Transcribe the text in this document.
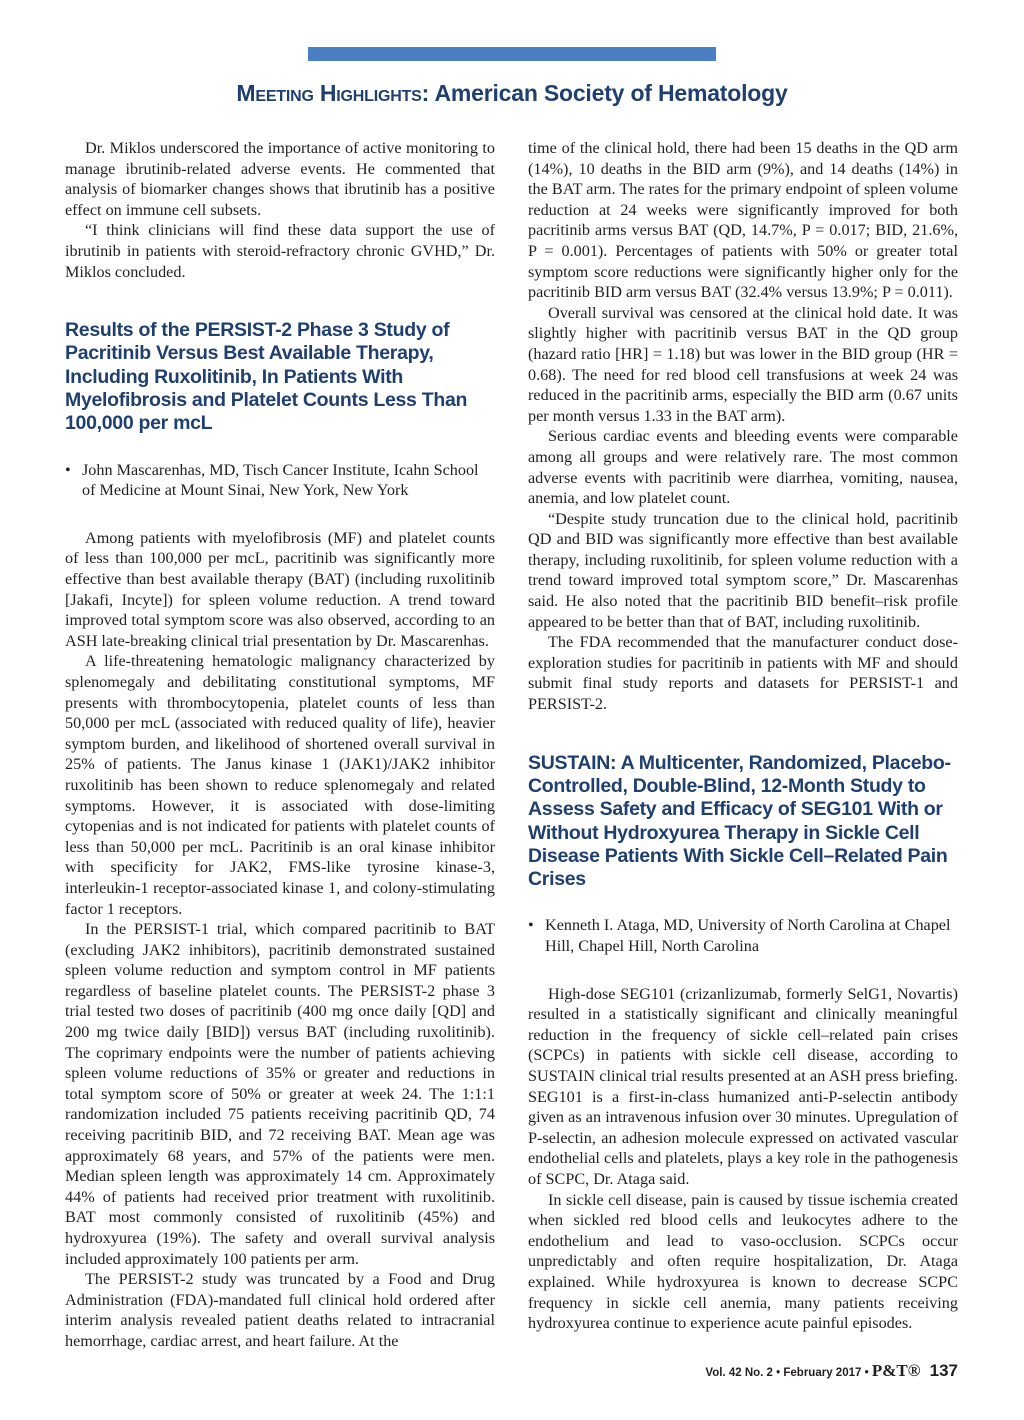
Meeting Highlights: American Society of Hematology

Dr. Miklos underscored the importance of active monitoring to manage ibrutinib-related adverse events. He commented that analysis of biomarker changes shows that ibrutinib has a positive effect on immune cell subsets.

“I think clinicians will find these data support the use of ibrutinib in patients with steroid-refractory chronic GVHD,” Dr. Miklos concluded.

Results of the PERSIST-2 Phase 3 Study of Pacritinib Versus Best Available Therapy, Including Ruxolitinib, In Patients With Myelofibrosis and Platelet Counts Less Than 100,000 per mcL
• John Mascarenhas, MD, Tisch Cancer Institute, Icahn School of Medicine at Mount Sinai, New York, New York

Among patients with myelofibrosis (MF) and platelet counts of less than 100,000 per mcL, pacritinib was significantly more effective than best available therapy (BAT) (including ruxolitinib [Jakafi, Incyte]) for spleen volume reduction. A trend toward improved total symptom score was also observed, according to an ASH late-breaking clinical trial presentation by Dr. Mascarenhas.

A life-threatening hematologic malignancy characterized by splenomegaly and debilitating constitutional symptoms, MF presents with thrombocytopenia, platelet counts of less than 50,000 per mcL (associated with reduced quality of life), heavier symptom burden, and likelihood of shortened overall survival in 25% of patients. The Janus kinase 1 (JAK1)/JAK2 inhibitor ruxolitinib has been shown to reduce splenomegaly and related symptoms. However, it is associated with dose-limiting cytopenias and is not indicated for patients with platelet counts of less than 50,000 per mcL. Pacritinib is an oral kinase inhibitor with specificity for JAK2, FMS-like tyrosine kinase-3, interleukin-1 receptor-associated kinase 1, and colony-stimulating factor 1 receptors.

In the PERSIST-1 trial, which compared pacritinib to BAT (excluding JAK2 inhibitors), pacritinib demonstrated sustained spleen volume reduction and symptom control in MF patients regardless of baseline platelet counts. The PERSIST-2 phase 3 trial tested two doses of pacritinib (400 mg once daily [QD] and 200 mg twice daily [BID]) versus BAT (including ruxolitinib). The coprimary endpoints were the number of patients achieving spleen volume reductions of 35% or greater and reductions in total symptom score of 50% or greater at week 24. The 1:1:1 randomization included 75 patients receiving pacritinib QD, 74 receiving pacritinib BID, and 72 receiving BAT. Mean age was approximately 68 years, and 57% of the patients were men. Median spleen length was approximately 14 cm. Approximately 44% of patients had received prior treatment with ruxolitinib. BAT most commonly consisted of ruxolitinib (45%) and hydroxyurea (19%). The safety and overall survival analysis included approximately 100 patients per arm.

The PERSIST-2 study was truncated by a Food and Drug Administration (FDA)-mandated full clinical hold ordered after interim analysis revealed patient deaths related to intracranial hemorrhage, cardiac arrest, and heart failure. At the

time of the clinical hold, there had been 15 deaths in the QD arm (14%), 10 deaths in the BID arm (9%), and 14 deaths (14%) in the BAT arm. The rates for the primary endpoint of spleen volume reduction at 24 weeks were significantly improved for both pacritinib arms versus BAT (QD, 14.7%, P = 0.017; BID, 21.6%, P = 0.001). Percentages of patients with 50% or greater total symptom score reductions were significantly higher only for the pacritinib BID arm versus BAT (32.4% versus 13.9%; P = 0.011).

Overall survival was censored at the clinical hold date. It was slightly higher with pacritinib versus BAT in the QD group (hazard ratio [HR] = 1.18) but was lower in the BID group (HR = 0.68). The need for red blood cell transfusions at week 24 was reduced in the pacritinib arms, especially the BID arm (0.67 units per month versus 1.33 in the BAT arm).

Serious cardiac events and bleeding events were comparable among all groups and were relatively rare. The most common adverse events with pacritinib were diarrhea, vomiting, nausea, anemia, and low platelet count.

“Despite study truncation due to the clinical hold, pacritinib QD and BID was significantly more effective than best available therapy, including ruxolitinib, for spleen volume reduction with a trend toward improved total symptom score,” Dr. Mascarenhas said. He also noted that the pacritinib BID benefit–risk profile appeared to be better than that of BAT, including ruxolitinib.

The FDA recommended that the manufacturer conduct dose-exploration studies for pacritinib in patients with MF and should submit final study reports and datasets for PERSIST-1 and PERSIST-2.

SUSTAIN: A Multicenter, Randomized, Placebo-Controlled, Double-Blind, 12-Month Study to Assess Safety and Efficacy of SEG101 With or Without Hydroxyurea Therapy in Sickle Cell Disease Patients With Sickle Cell–Related Pain Crises
• Kenneth I. Ataga, MD, University of North Carolina at Chapel Hill, Chapel Hill, North Carolina

High-dose SEG101 (crizanlizumab, formerly SelG1, Novartis) resulted in a statistically significant and clinically meaningful reduction in the frequency of sickle cell–related pain crises (SCPCs) in patients with sickle cell disease, according to SUSTAIN clinical trial results presented at an ASH press briefing. SEG101 is a first-in-class humanized anti-P-selectin antibody given as an intravenous infusion over 30 minutes. Upregulation of P-selectin, an adhesion molecule expressed on activated vascular endothelial cells and platelets, plays a key role in the pathogenesis of SCPC, Dr. Ataga said.

In sickle cell disease, pain is caused by tissue ischemia created when sickled red blood cells and leukocytes adhere to the endothelium and lead to vaso-occlusion. SCPCs occur unpredictably and often require hospitalization, Dr. Ataga explained. While hydroxyurea is known to decrease SCPC frequency in sickle cell anemia, many patients receiving hydroxyurea continue to experience acute painful episodes.

Vol. 42 No. 2 • February 2017 • P&T® 137
